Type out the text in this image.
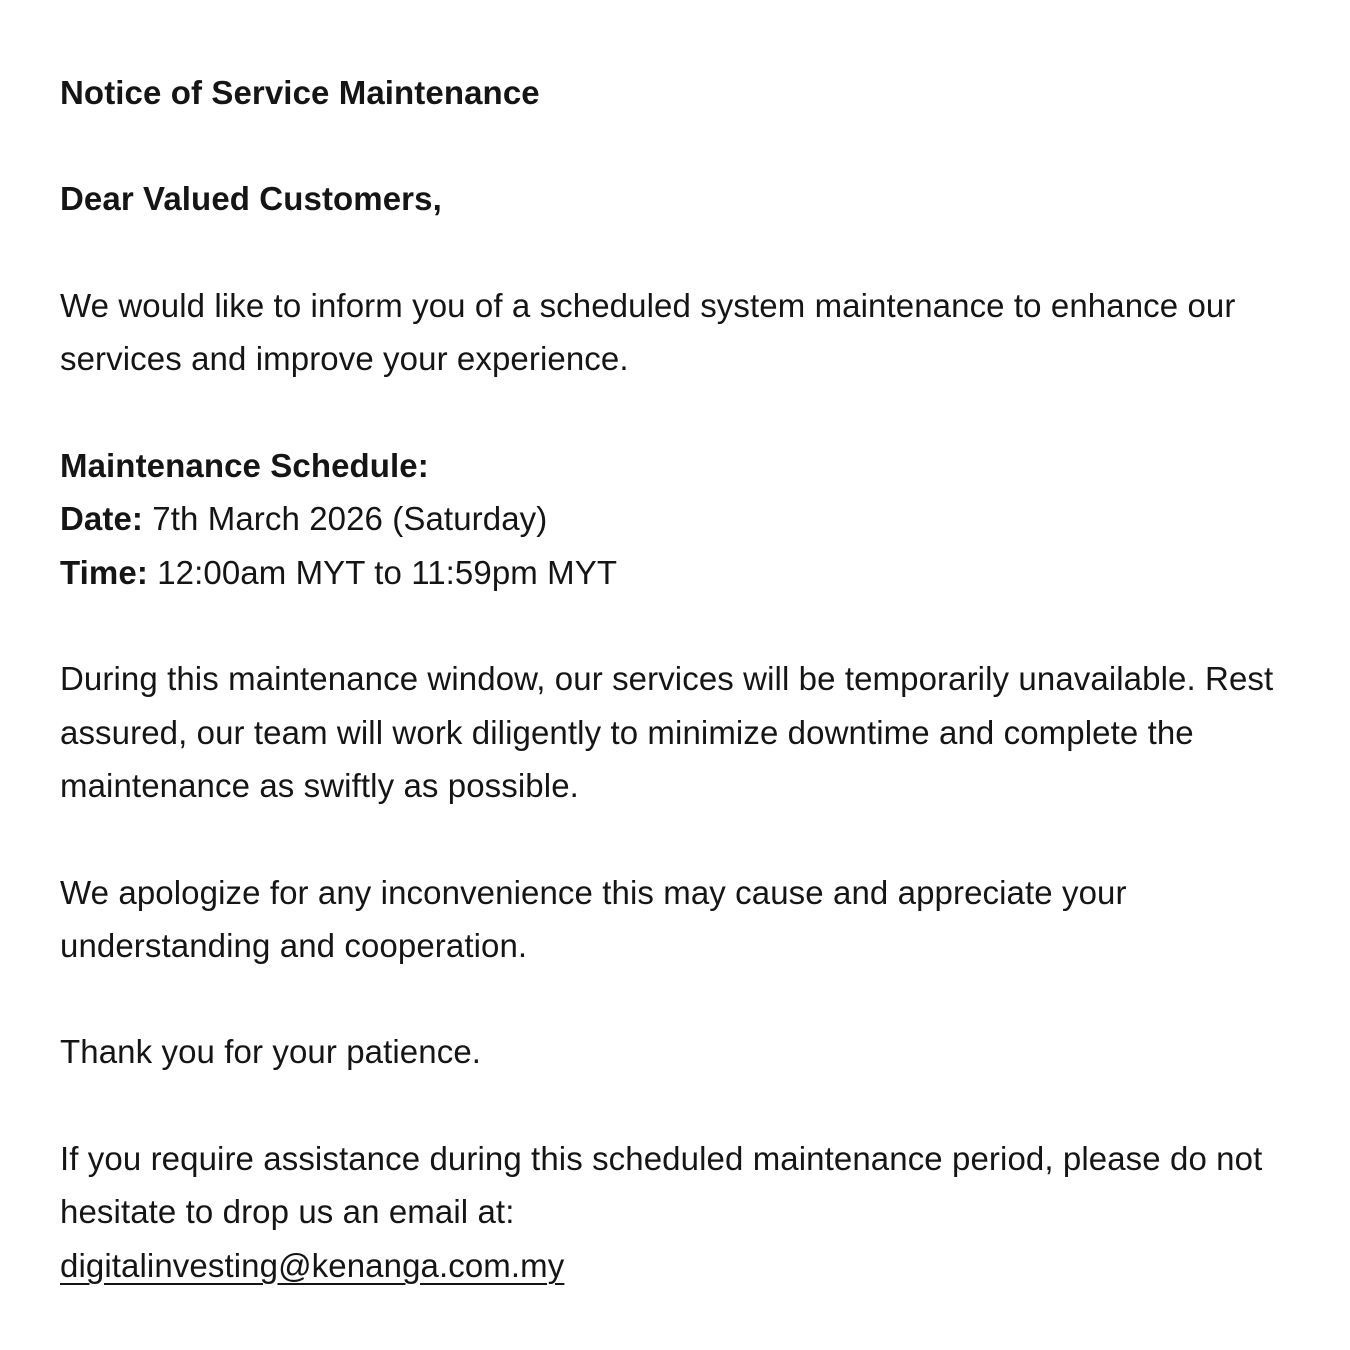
Notice of Service Maintenance
Dear Valued Customers,

We would like to inform you of a scheduled system maintenance to enhance our services and improve your experience.

Maintenance Schedule:
Date: 7th March 2026 (Saturday)
Time: 12:00am MYT to 11:59pm MYT

During this maintenance window, our services will be temporarily unavailable. Rest assured, our team will work diligently to minimize downtime and complete the maintenance as swiftly as possible.

We apologize for any inconvenience this may cause and appreciate your understanding and cooperation.

Thank you for your patience.

If you require assistance during this scheduled maintenance period, please do not hesitate to drop us an email at:

digitalinvesting@kenanga.com.my
